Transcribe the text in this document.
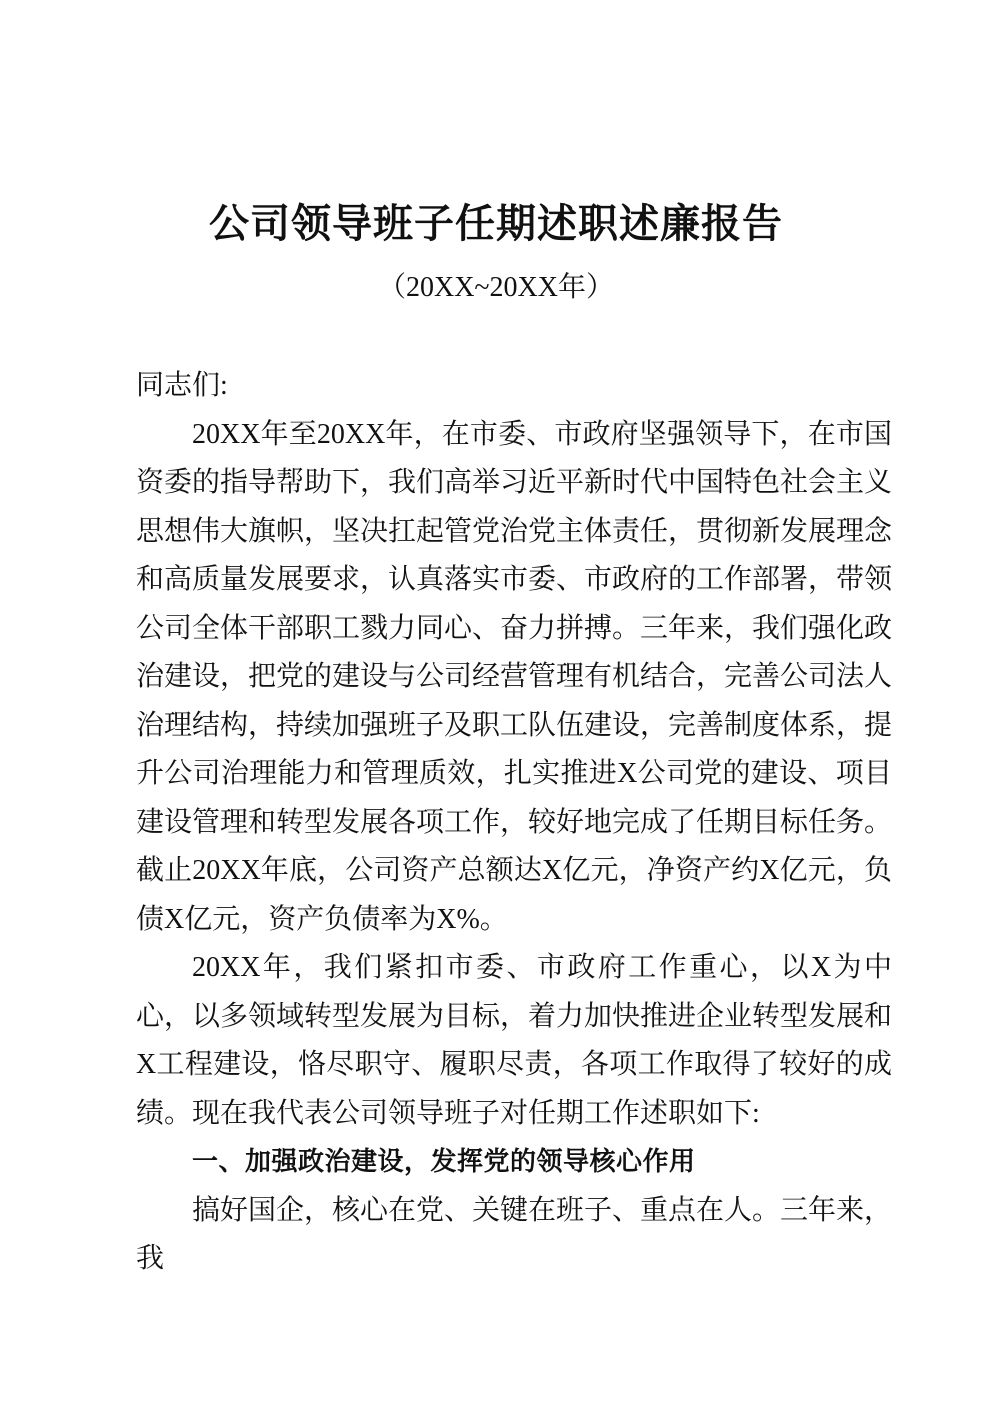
公司领导班子任期述职述廉报告
（20XX~20XX年）

同志们:

20XX年至20XX年，在市委、市政府坚强领导下，在市国资委的指导帮助下，我们高举习近平新时代中国特色社会主义思想伟大旗帜，坚决扛起管党治党主体责任，贯彻新发展理念和高质量发展要求，认真落实市委、市政府的工作部署，带领公司全体干部职工戮力同心、奋力拼搏。三年来，我们强化政治建设，把党的建设与公司经营管理有机结合，完善公司法人治理结构，持续加强班子及职工队伍建设，完善制度体系，提升公司治理能力和管理质效，扎实推进X公司党的建设、项目建设管理和转型发展各项工作，较好地完成了任期目标任务。截止20XX年底，公司资产总额达X亿元，净资产约X亿元，负债X亿元，资产负债率为X%。

20XX年，我们紧扣市委、市政府工作重心，以X为中心，以多领域转型发展为目标，着力加快推进企业转型发展和X工程建设，恪尽职守、履职尽责，各项工作取得了较好的成绩。现在我代表公司领导班子对任期工作述职如下:

一、加强政治建设，发挥党的领导核心作用

搞好国企，核心在党、关键在班子、重点在人。三年来，我
